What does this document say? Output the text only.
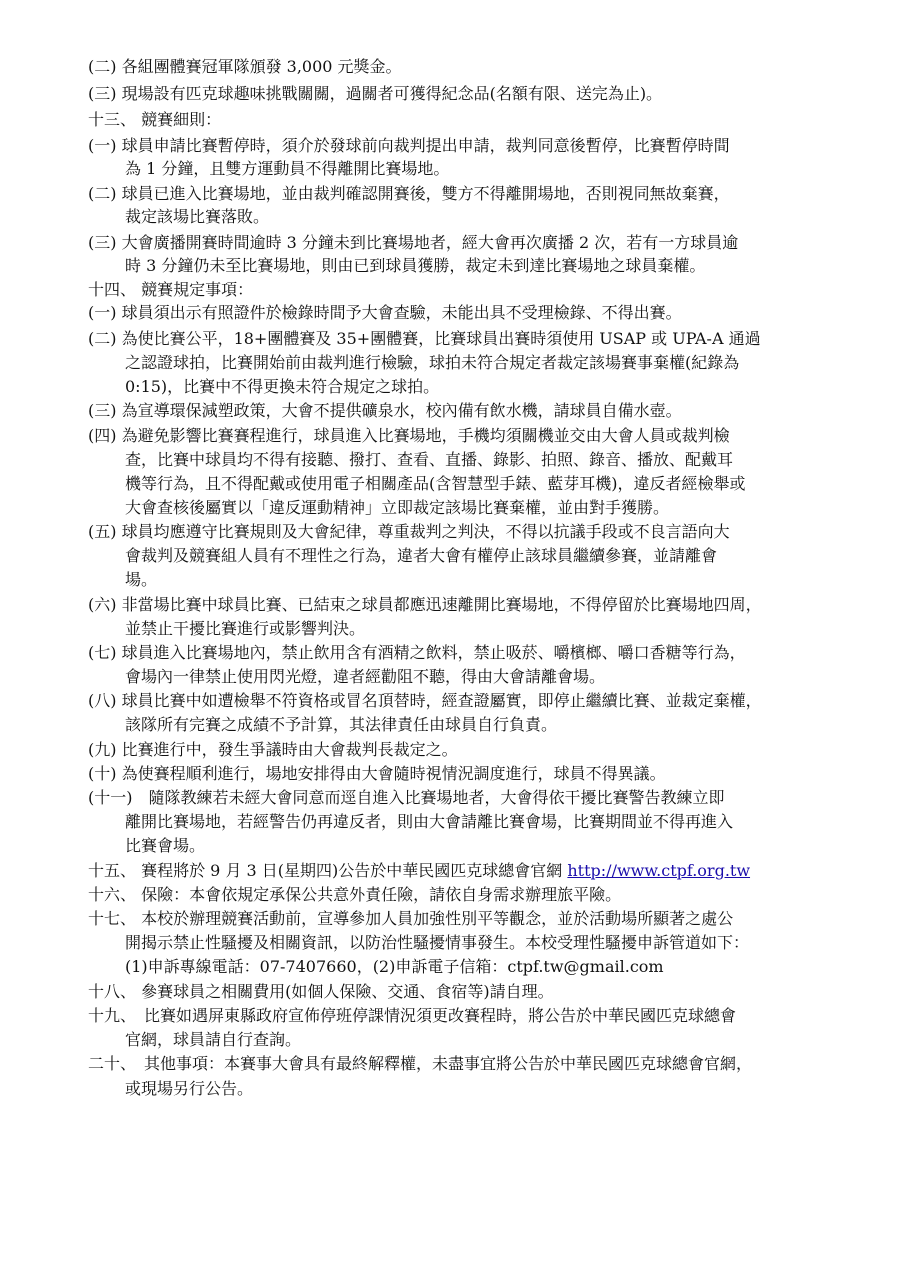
(二) 各組團體賽冠軍隊頒發 3,000 元獎金。
(三) 現場設有匹克球趣味挑戰關關，過關者可獲得紀念品(名額有限、送完為止)。
十三、 競賽細則：
(一) 球員申請比賽暫停時，須介於發球前向裁判提出申請，裁判同意後暫停，比賽暫停時間
為 1 分鐘，且雙方運動員不得離開比賽場地。
(二) 球員已進入比賽場地，並由裁判確認開賽後，雙方不得離開場地，否則視同無故棄賽，
裁定該場比賽落敗。
(三) 大會廣播開賽時間逾時 3 分鐘未到比賽場地者，經大會再次廣播 2 次，若有一方球員逾
時 3 分鐘仍未至比賽場地，則由已到球員獲勝，裁定未到達比賽場地之球員棄權。
十四、 競賽規定事項：
(一) 球員須出示有照證件於檢錄時間予大會查驗，未能出具不受理檢錄、不得出賽。
(二) 為使比賽公平，18+團體賽及 35+團體賽，比賽球員出賽時須使用 USAP 或 UPA-A 通過
之認證球拍，比賽開始前由裁判進行檢驗，球拍未符合規定者裁定該場賽事棄權(紀錄為
0:15)，比賽中不得更換未符合規定之球拍。
(三) 為宣導環保減塑政策，大會不提供礦泉水，校內備有飲水機，請球員自備水壺。
(四) 為避免影響比賽賽程進行，球員進入比賽場地，手機均須關機並交由大會人員或裁判檢
查，比賽中球員均不得有接聽、撥打、查看、直播、錄影、拍照、錄音、播放、配戴耳
機等行為，且不得配戴或使用電子相關產品(含智慧型手錶、藍芽耳機)，違反者經檢舉或
大會查核後屬實以「違反運動精神」立即裁定該場比賽棄權，並由對手獲勝。
(五) 球員均應遵守比賽規則及大會紀律，尊重裁判之判決，不得以抗議手段或不良言語向大
會裁判及競賽組人員有不理性之行為，違者大會有權停止該球員繼續參賽，並請離會
場。
(六) 非當場比賽中球員比賽、已結束之球員都應迅速離開比賽場地，不得停留於比賽場地四周，
並禁止干擾比賽進行或影響判決。
(七) 球員進入比賽場地內，禁止飲用含有酒精之飲料，禁止吸菸、嚼檳榔、嚼口香糖等行為，
會場內一律禁止使用閃光燈，違者經勸阻不聽，得由大會請離會場。
(八) 球員比賽中如遭檢舉不符資格或冒名頂替時，經查證屬實，即停止繼續比賽、並裁定棄權，
該隊所有完賽之成績不予計算，其法律責任由球員自行負責。
(九) 比賽進行中，發生爭議時由大會裁判長裁定之。
(十) 為使賽程順利進行，場地安排得由大會隨時視情況調度進行，球員不得異議。
(十一)　隨隊教練若未經大會同意而逕自進入比賽場地者，大會得依干擾比賽警告教練立即
離開比賽場地，若經警告仍再違反者，則由大會請離比賽會場，比賽期間並不得再進入
比賽會場。
十五、 賽程將於 9 月 3 日(星期四)公告於中華民國匹克球總會官網 http://www.ctpf.org.tw
十六、 保險：本會依規定承保公共意外責任險，請依自身需求辦理旅平險。
十七、 本校於辦理競賽活動前，宣導參加人員加強性別平等觀念，並於活動場所顯著之處公
開揭示禁止性騷擾及相關資訊，以防治性騷擾情事發生。本校受理性騷擾申訴管道如下：
(1)申訴專線電話：07-7407660，(2)申訴電子信箱：ctpf.tw@gmail.com
十八、 參賽球員之相關費用(如個人保險、交通、食宿等)請自理。
十九、　比賽如遇屏東縣政府宣佈停班停課情況須更改賽程時，將公告於中華民國匹克球總會
官網，球員請自行查詢。
二十、　其他事項：本賽事大會具有最終解釋權，未盡事宜將公告於中華民國匹克球總會官網，
或現場另行公告。
